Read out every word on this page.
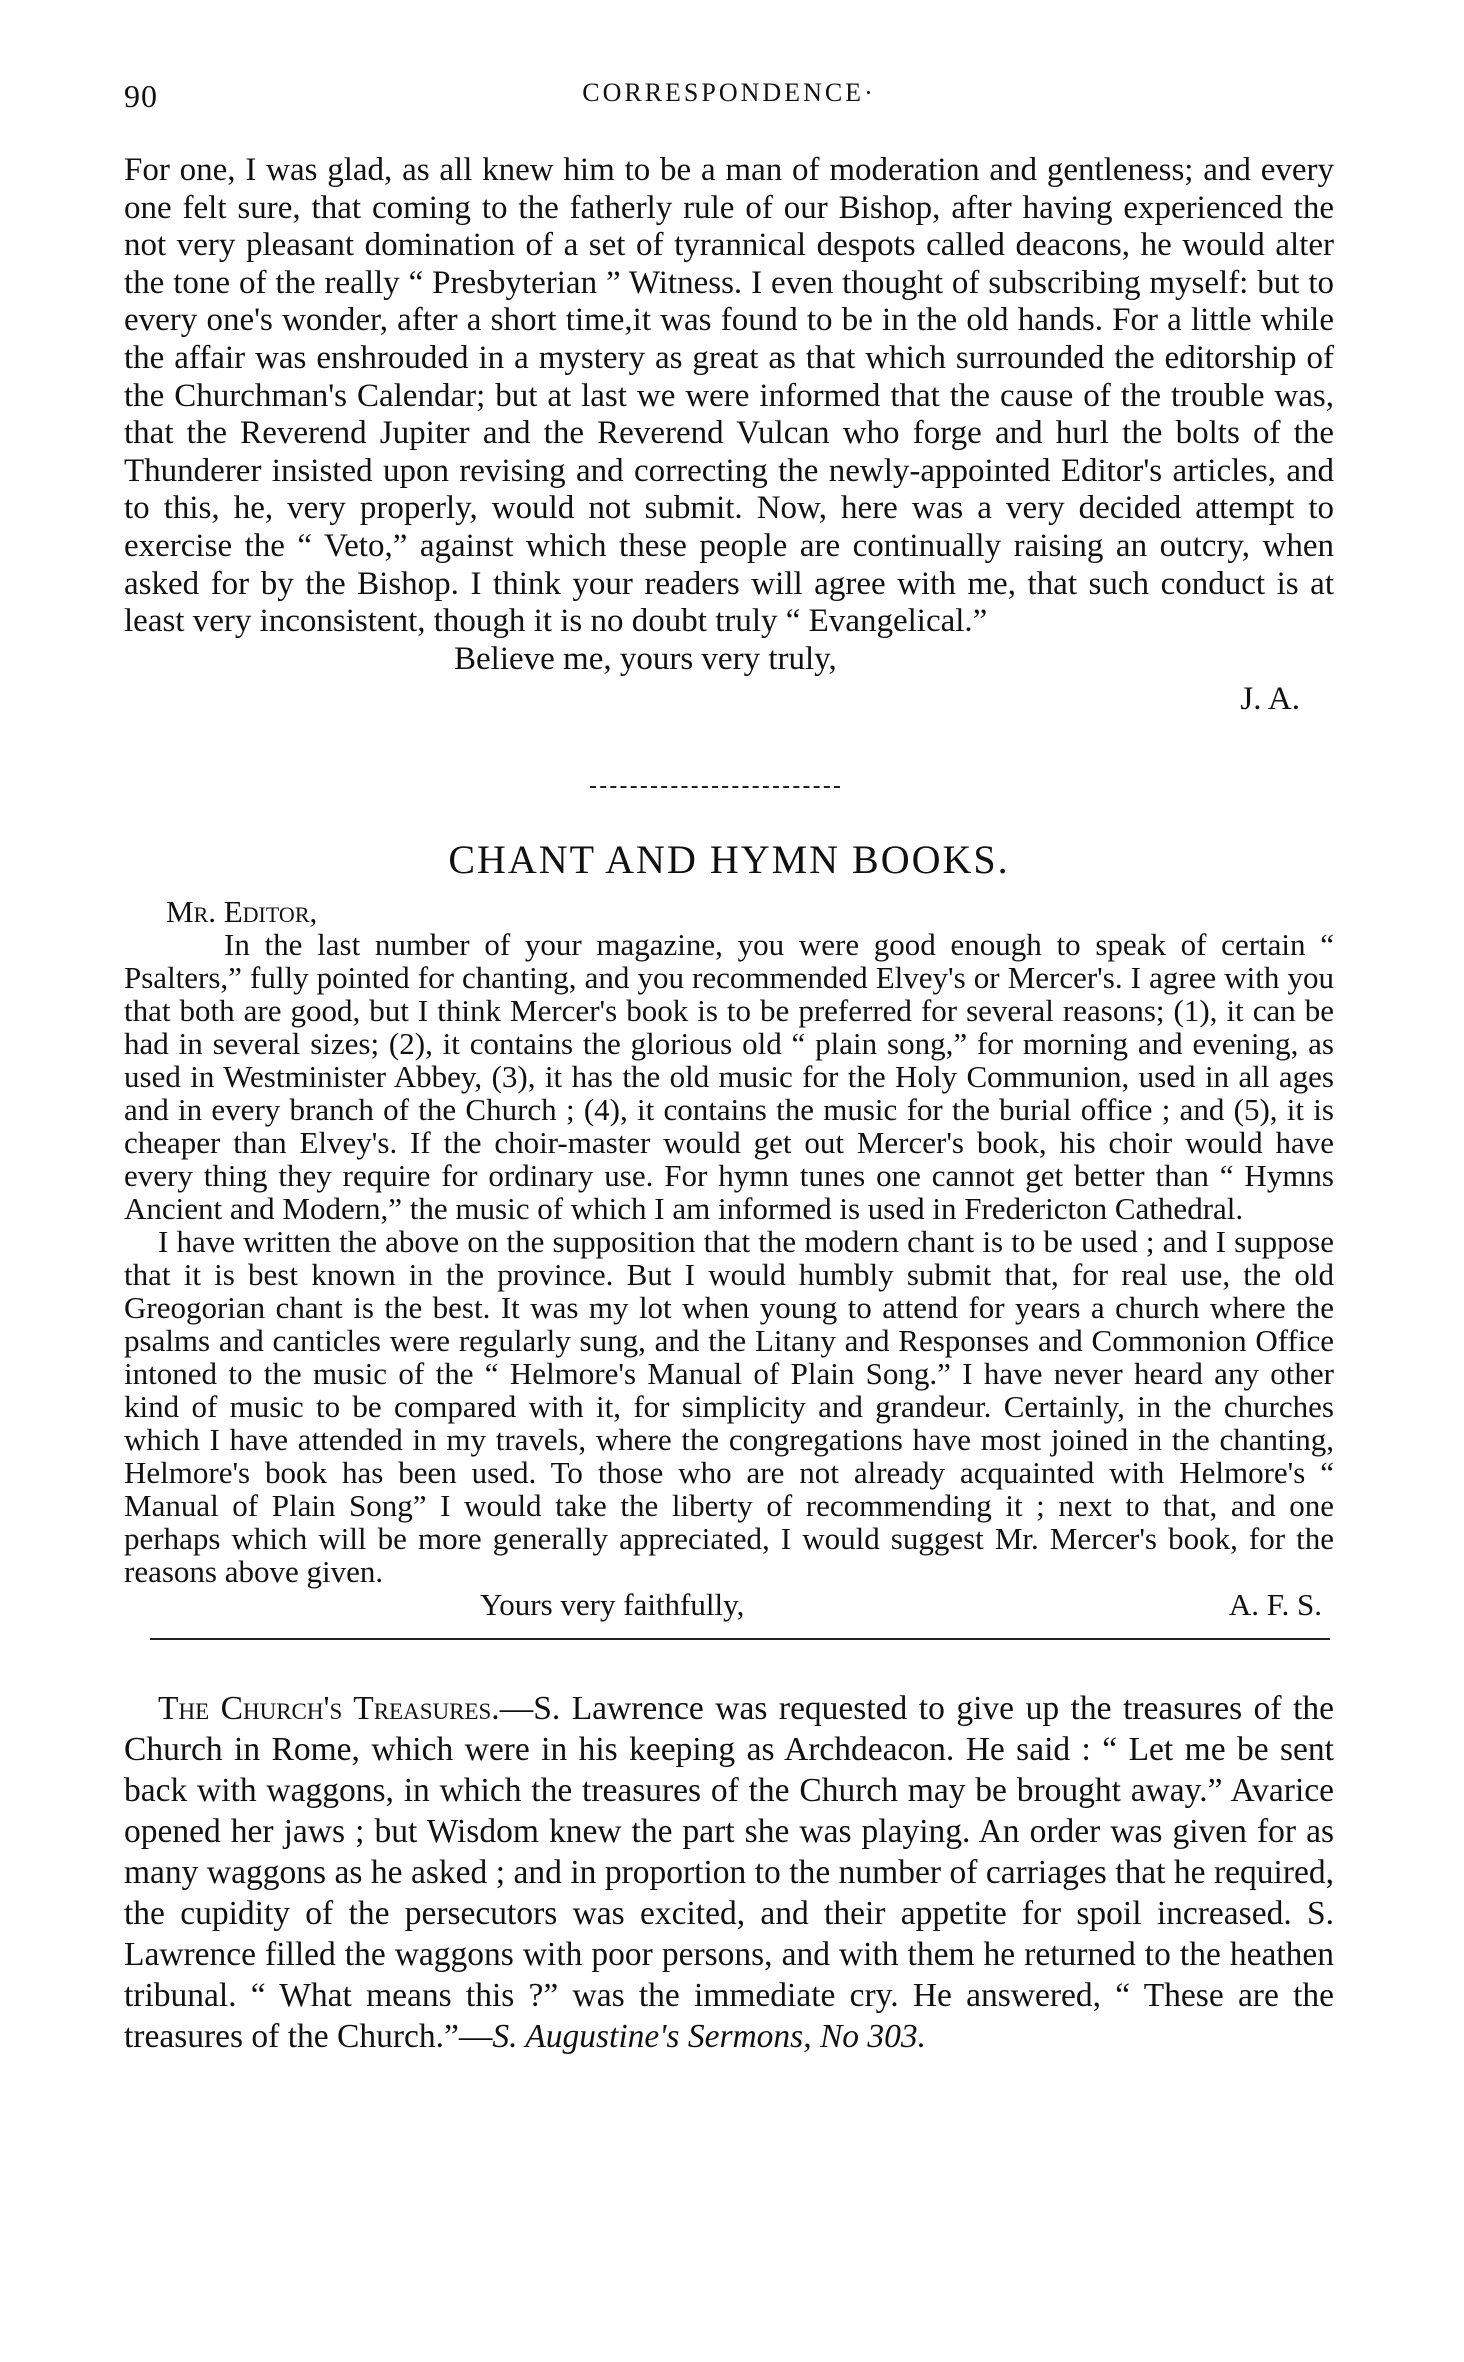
90	CORRESPONDENCE·

For one, I was glad, as all knew him to be a man of moderation and gentleness; and every one felt sure, that coming to the fatherly rule of our Bishop, after having experienced the not very pleasant domination of a set of tyrannical despots called deacons, he would alter the tone of the really “ Presbyterian ” Witness. I even thought of subscribing myself: but to every one's wonder, after a short time,it was found to be in the old hands. For a little while the affair was enshrouded in a mystery as great as that which surrounded the editorship of the Churchman's Calendar; but at last we were informed that the cause of the trouble was, that the Reverend Jupiter and the Reverend Vulcan who forge and hurl the bolts of the Thunderer insisted upon revising and correcting the newly-appointed Editor's articles, and to this, he, very properly, would not submit. Now, here was a very decided attempt to exercise the “ Veto,” against which these people are continually raising an outcry, when asked for by the Bishop. I think your readers will agree with me, that such conduct is at least very inconsistent, though it is no doubt truly “ Evangelical.”

Believe me, yours very truly,
J. A.
CHANT AND HYMN BOOKS.

Mr. Editor,

In the last number of your magazine, you were good enough to speak of certain “ Psalters,” fully pointed for chanting, and you recommended Elvey's or Mercer's. I agree with you that both are good, but I think Mercer's book is to be preferred for several reasons; (1), it can be had in several sizes; (2), it contains the glorious old “ plain song,” for morning and evening, as used in Westminister Abbey, (3), it has the old music for the Holy Communion, used in all ages and in every branch of the Church ; (4), it contains the music for the burial office ; and (5), it is cheaper than Elvey's. If the choir-master would get out Mercer's book, his choir would have every thing they require for ordinary use. For hymn tunes one cannot get better than “ Hymns Ancient and Modern,” the music of which I am informed is used in Fredericton Cathedral.

I have written the above on the supposition that the modern chant is to be used ; and I suppose that it is best known in the province. But I would humbly submit that, for real use, the old Greogorian chant is the best. It was my lot when young to attend for years a church where the psalms and canticles were regularly sung, and the Litany and Responses and Commonion Office intoned to the music of the “ Helmore's Manual of Plain Song.” I have never heard any other kind of music to be compared with it, for simplicity and grandeur. Certainly, in the churches which I have attended in my travels, where the congregations have most joined in the chanting, Helmore's book has been used. To those who are not already acquainted with Helmore's “ Manual of Plain Song” I would take the liberty of recommending it ; next to that, and one perhaps which will be more generally appreciated, I would suggest Mr. Mercer's book, for the reasons above given.

Yours very faithfully,	A. F. S.

The Church's Treasures.—S. Lawrence was requested to give up the treasures of the Church in Rome, which were in his keeping as Archdeacon. He said : “ Let me be sent back with waggons, in which the treasures of the Church may be brought away.” Avarice opened her jaws ; but Wisdom knew the part she was playing. An order was given for as many waggons as he asked ; and in proportion to the number of carriages that he required, the cupidity of the persecutors was excited, and their appetite for spoil increased. S. Lawrence filled the waggons with poor persons, and with them he returned to the heathen tribunal. “ What means this ?” was the immediate cry. He answered, “ These are the treasures of the Church.”—S. Augustine's Sermons, No 303.
